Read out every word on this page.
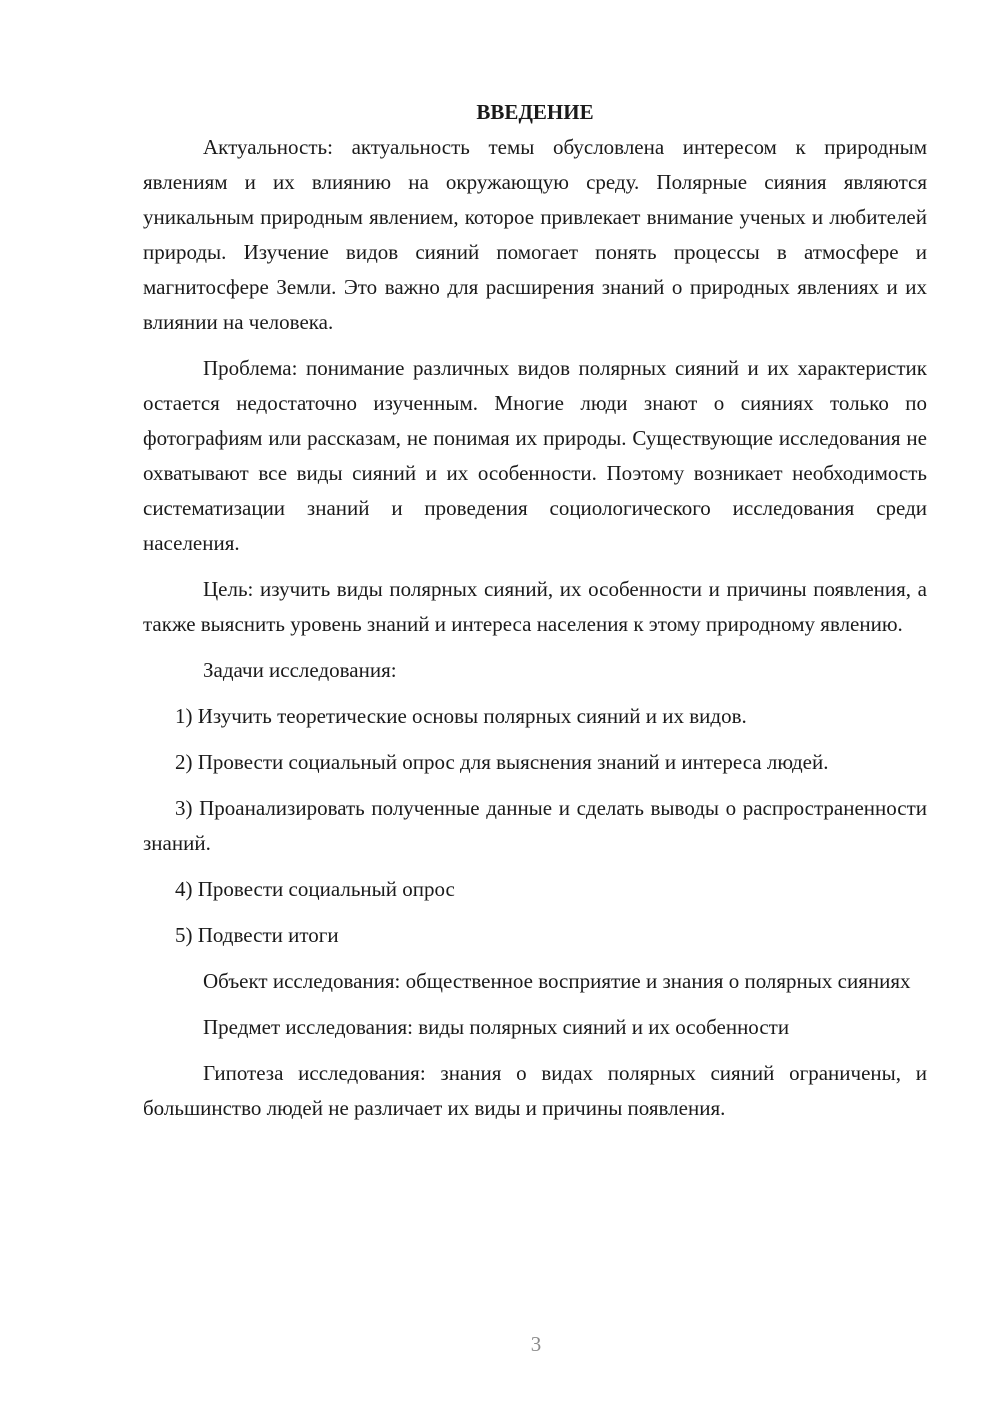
ВВЕДЕНИЕ

Актуальность: актуальность темы обусловлена интересом к природным явлениям и их влиянию на окружающую среду. Полярные сияния являются уникальным природным явлением, которое привлекает внимание ученых и любителей природы. Изучение видов сияний помогает понять процессы в атмосфере и магнитосфере Земли. Это важно для расширения знаний о природных явлениях и их влиянии на человека.

Проблема: понимание различных видов полярных сияний и их характеристик остается недостаточно изученным. Многие люди знают о сияниях только по фотографиям или рассказам, не понимая их природы. Существующие исследования не охватывают все виды сияний и их особенности. Поэтому возникает необходимость систематизации знаний и проведения социологического исследования среди населения.

Цель: изучить виды полярных сияний, их особенности и причины появления, а также выяснить уровень знаний и интереса населения к этому природному явлению.

Задачи исследования:

1) Изучить теоретические основы полярных сияний и их видов.

2) Провести социальный опрос для выяснения знаний и интереса людей.

3) Проанализировать полученные данные и сделать выводы о распространенности знаний.

4) Провести социальный опрос

5) Подвести итоги

Объект исследования: общественное восприятие и знания о полярных сияниях

Предмет исследования: виды полярных сияний и их особенности

Гипотеза исследования: знания о видах полярных сияний ограничены, и большинство людей не различает их виды и причины появления.

3
